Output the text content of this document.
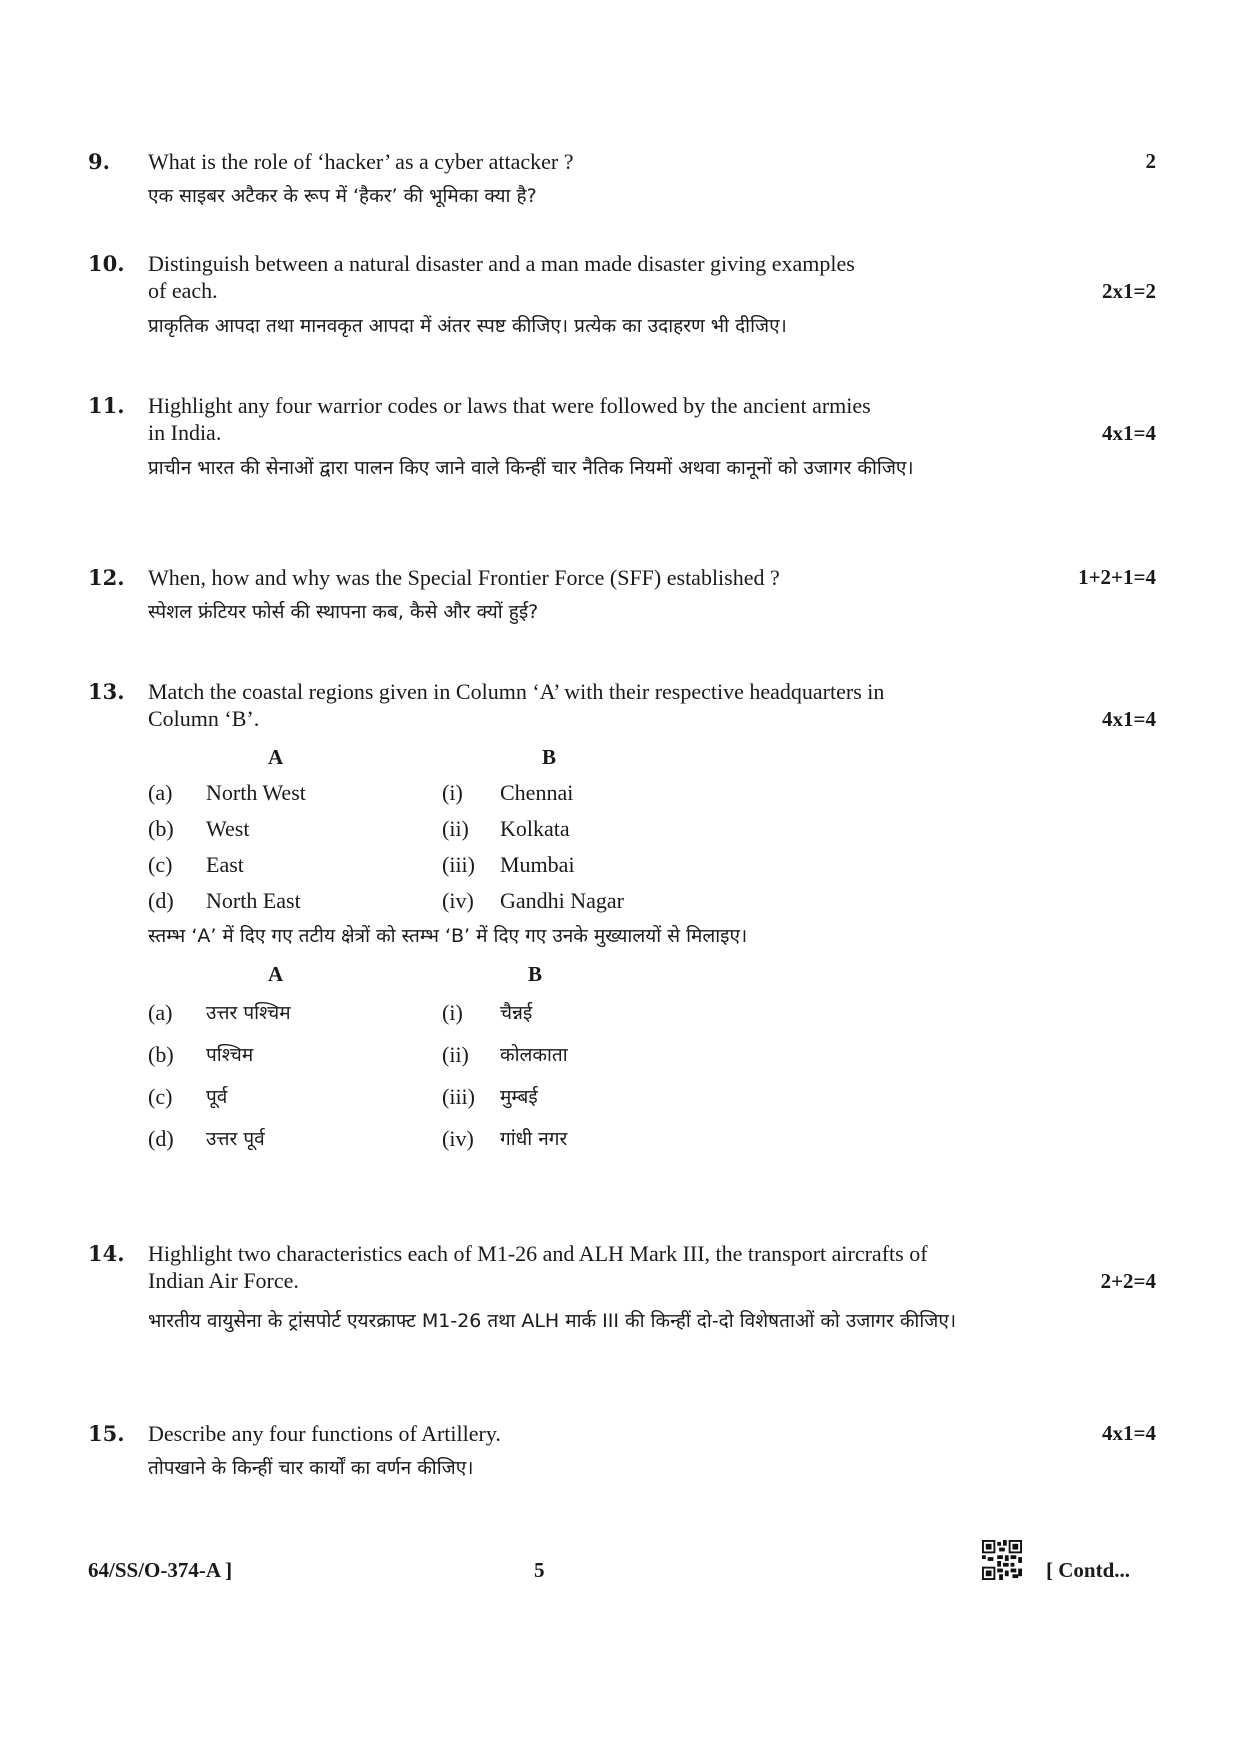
9.	What is the role of ‘hacker’ as a cyber attacker ?
एक साइबर अटैकर के रूप में ‘हैकर’ की भूमिका क्या है?
2
10.	Distinguish between a natural disaster and a man made disaster giving examples
of each.	2x1=2
प्राकृतिक आपदा तथा मानवकृत आपदा में अंतर स्पष्ट कीजिए। प्रत्येक का उदाहरण भी दीजिए।
11.	Highlight any four warrior codes or laws that were followed by the ancient armies
in India.	4x1=4
प्राचीन भारत की सेनाओं द्वारा पालन किए जाने वाले किन्हीं चार नैतिक नियमों अथवा कानूनों को उजागर कीजिए।
12.	When, how and why was the Special Frontier Force (SFF) established ?
स्पेशल फ्रंटियर फोर्स की स्थापना कब, कैसे और क्यों हुई?
1+2+1=4
13.	Match the coastal regions given in Column ‘A’ with their respective headquarters in
Column ‘B’.	4x1=4
A	B
(a) North West	(i) Chennai
(b) West	(ii) Kolkata
(c) East	(iii) Mumbai
(d) North East	(iv) Gandhi Nagar
स्तम्भ ‘A’ में दिए गए तटीय क्षेत्रों को स्तम्भ ‘B’ में दिए गए उनके मुख्यालयों से मिलाइए।
A	B
(a) उत्तर पश्चिम	(i) चैन्नई
(b) पश्चिम	(ii) कोलकाता
(c) पूर्व	(iii) मुम्बई
(d) उत्तर पूर्व	(iv) गांधी नगर
14.	Highlight two characteristics each of M1-26 and ALH Mark III, the transport aircrafts of
Indian Air Force.	2+2=4
भारतीय वायुसेना के ट्रांसपोर्ट एयरक्राफ्ट M1-26 तथा ALH मार्क III की किन्हीं दो-दो विशेषताओं को उजागर कीजिए।
15.	Describe any four functions of Artillery.
तोपखाने के किन्हीं चार कार्यों का वर्णन कीजिए।
4x1=4
64/SS/O-374-A ]	5	[ Contd...
